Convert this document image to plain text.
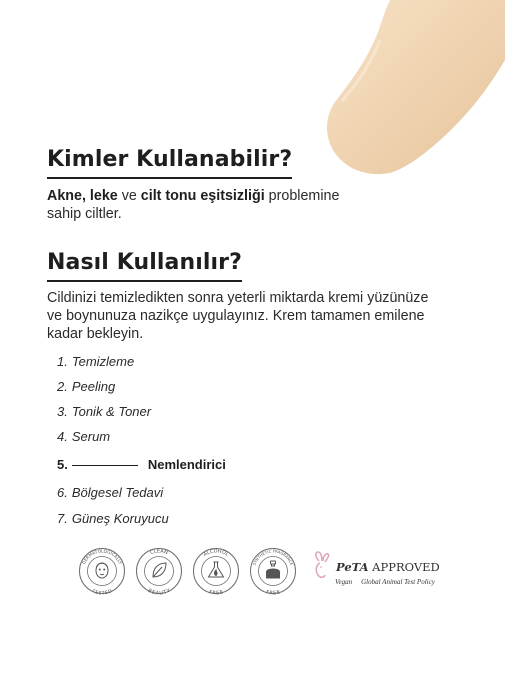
Kimler Kullanabilir?
Akne, leke ve cilt tonu eşitsizliği problemine sahip ciltler.
Nasıl Kullanılır?
Cildinizi temizledikten sonra yeterli miktarda kremi yüzünüze ve boynunuza nazikçe uygulayınız. Krem tamamen emilene kadar bekleyin.
1. Temizleme
2. Peeling
3. Tonik & Toner
4. Serum
5.	Nemlendirici
6. Bölgesel Tedavi
7. Güneş Koruyucu
DERMATOLOGICALLY
TESTED
CLEAN
BEAUTY
ALCOHOL
FREE
SYNTHETIC FRAGRANCE
FREE
PeTA APPROVED
Vegan Global Animal Test Policy
